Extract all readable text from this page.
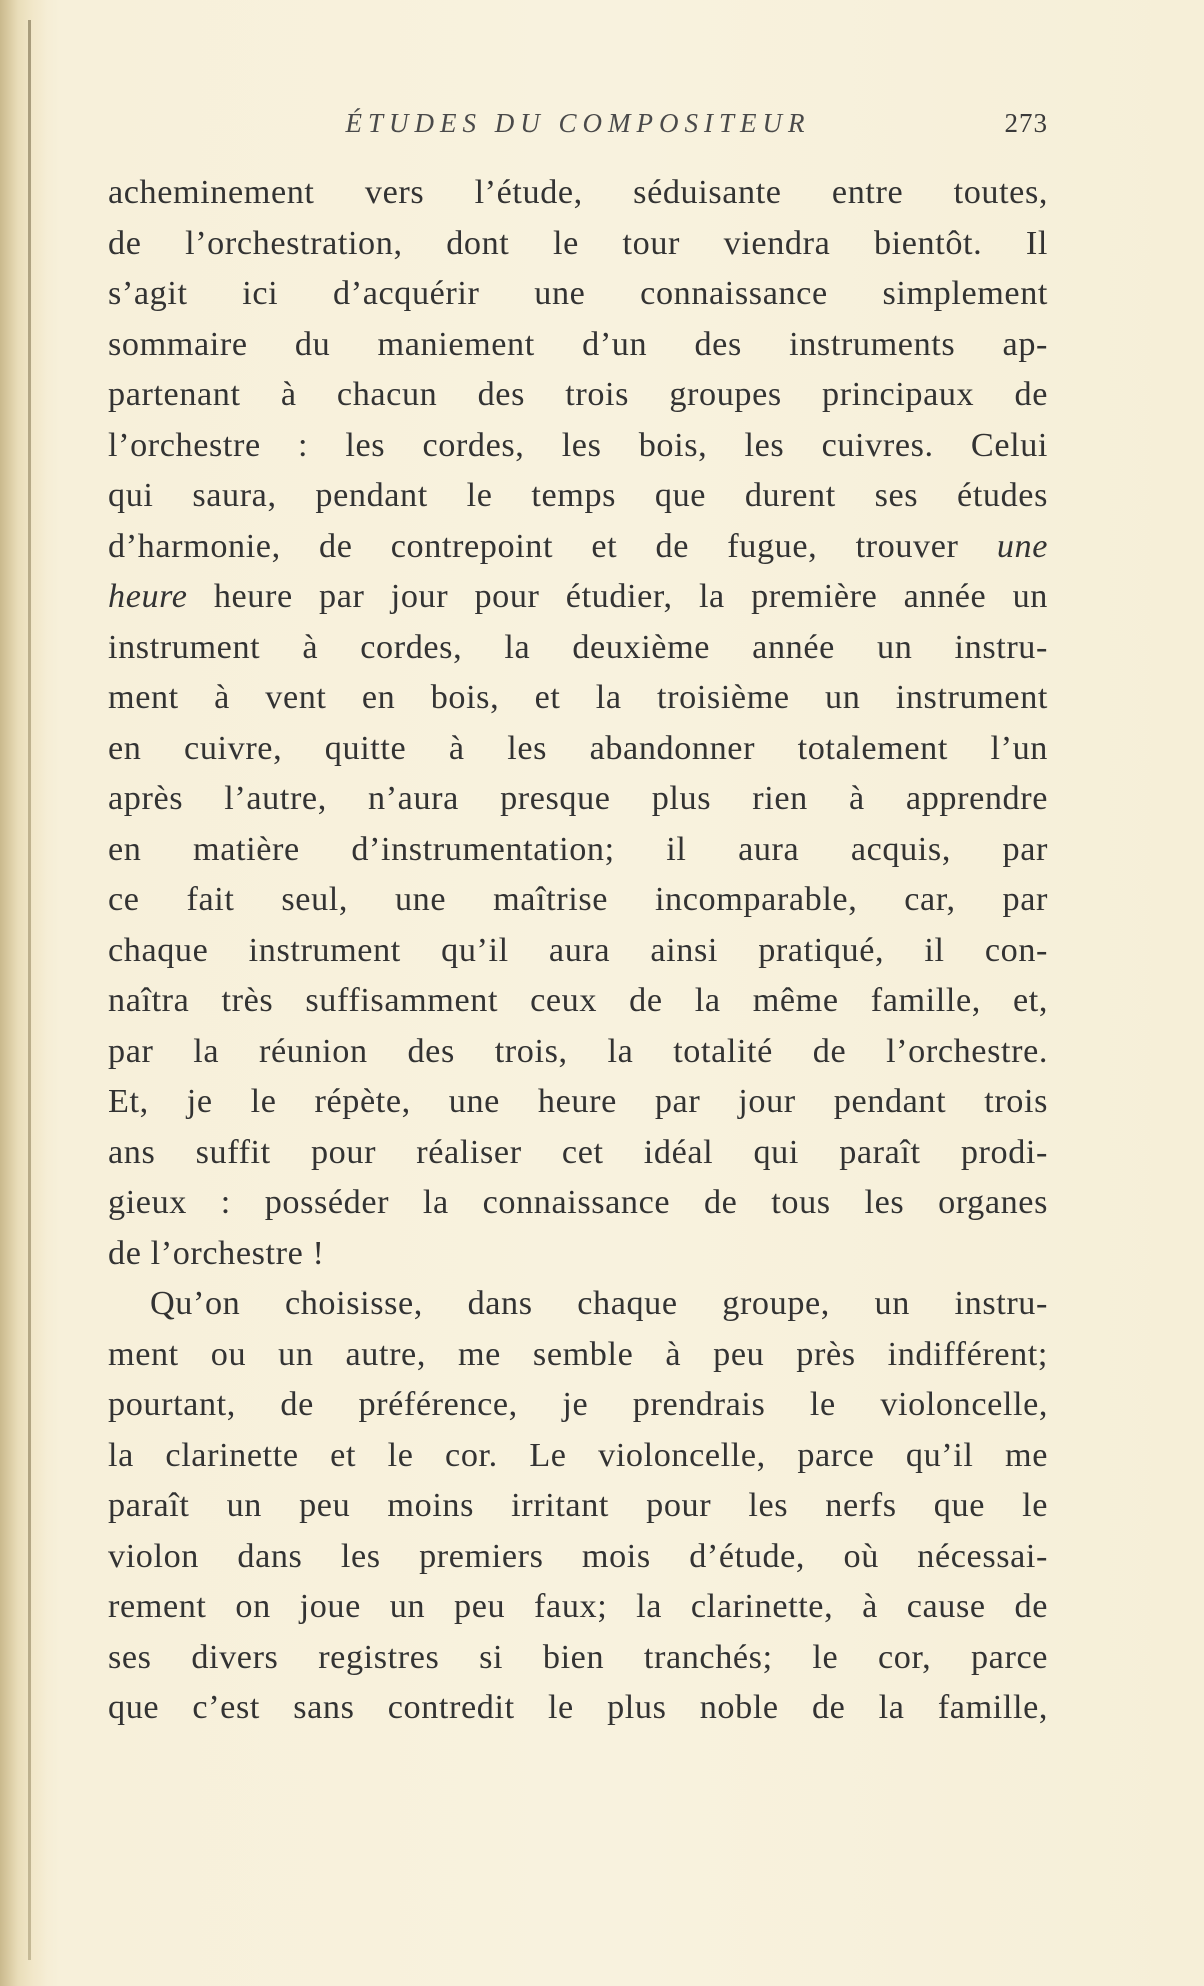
ÉTUDES DU COMPOSITEUR	273

acheminement vers l’étude, séduisante entre toutes,
de l’orchestration, dont le tour viendra bientôt. Il
s’agit ici d’acquérir une connaissance simplement
sommaire du maniement d’un des instruments ap-
partenant à chacun des trois groupes principaux de
l’orchestre : les cordes, les bois, les cuivres. Celui
qui saura, pendant le temps que durent ses études
d’harmonie, de contrepoint et de fugue, trouver une
heure heure par jour pour étudier, la première année un
instrument à cordes, la deuxième année un instru-
ment à vent en bois, et la troisième un instrument
en cuivre, quitte à les abandonner totalement l’un
après l’autre, n’aura presque plus rien à apprendre
en matière d’instrumentation; il aura acquis, par
ce fait seul, une maîtrise incomparable, car, par
chaque instrument qu’il aura ainsi pratiqué, il con-
naîtra très suffisamment ceux de la même famille, et,
par la réunion des trois, la totalité de l’orchestre.
Et, je le répète, une heure par jour pendant trois
ans suffit pour réaliser cet idéal qui paraît prodi-
gieux : posséder la connaissance de tous les organes
de l’orchestre !

Qu’on choisisse, dans chaque groupe, un instru-
ment ou un autre, me semble à peu près indifférent;
pourtant, de préférence, je prendrais le violoncelle,
la clarinette et le cor. Le violoncelle, parce qu’il me
paraît un peu moins irritant pour les nerfs que le
violon dans les premiers mois d’étude, où nécessai-
rement on joue un peu faux; la clarinette, à cause de
ses divers registres si bien tranchés; le cor, parce
que c’est sans contredit le plus noble de la famille,
